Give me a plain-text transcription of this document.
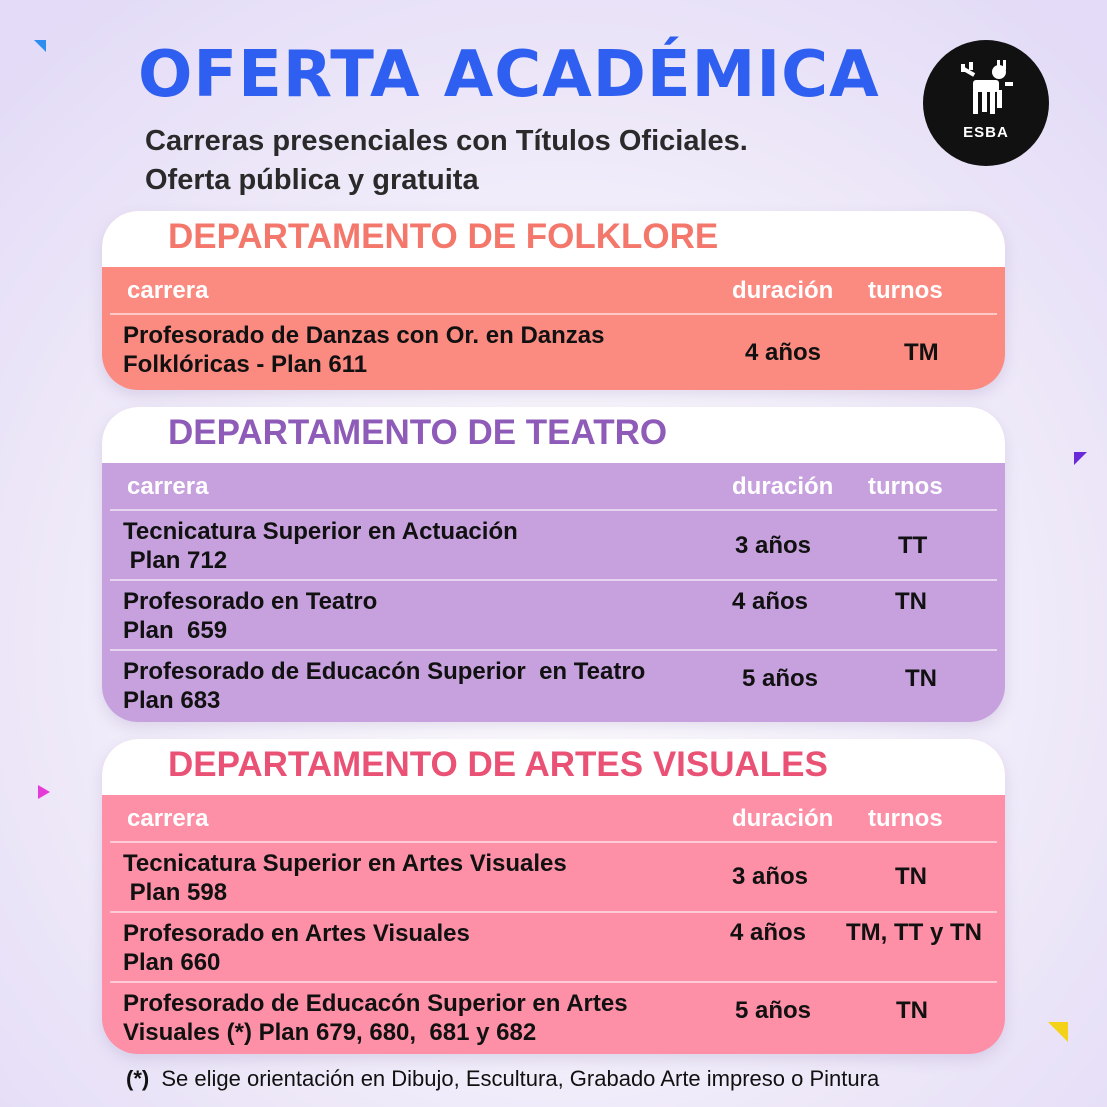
OFERTA ACADÉMICA
Carreras presenciales con Títulos Oficiales.
Oferta pública y gratuita
ESBA
DEPARTAMENTO DE FOLKLORE
carrera	duración turnos
Profesorado de Danzas con Or. en Danzas
Folklóricas - Plan 611	4 años	TM
DEPARTAMENTO DE TEATRO
carrera	duración turnos
Tecnicatura Superior en Actuación
Plan 712
3 años	TT
Profesorado en Teatro
Plan  659
4 años	TN
Profesorado de Educacón Superior  en Teatro
Plan 683
5 años	TN
DEPARTAMENTO DE ARTES VISUALES
carrera	duración turnos
Tecnicatura Superior en Artes Visuales
Plan 598
3 años	TN
Profesorado en Artes Visuales
Plan 660
4 años TM, TT y TN
Profesorado de Educacón Superior en Artes
Visuales (*) Plan 679, 680,  681 y 682
5 años	TN
(*) Se elige orientación en Dibujo, Escultura, Grabado Arte impreso o Pintura
